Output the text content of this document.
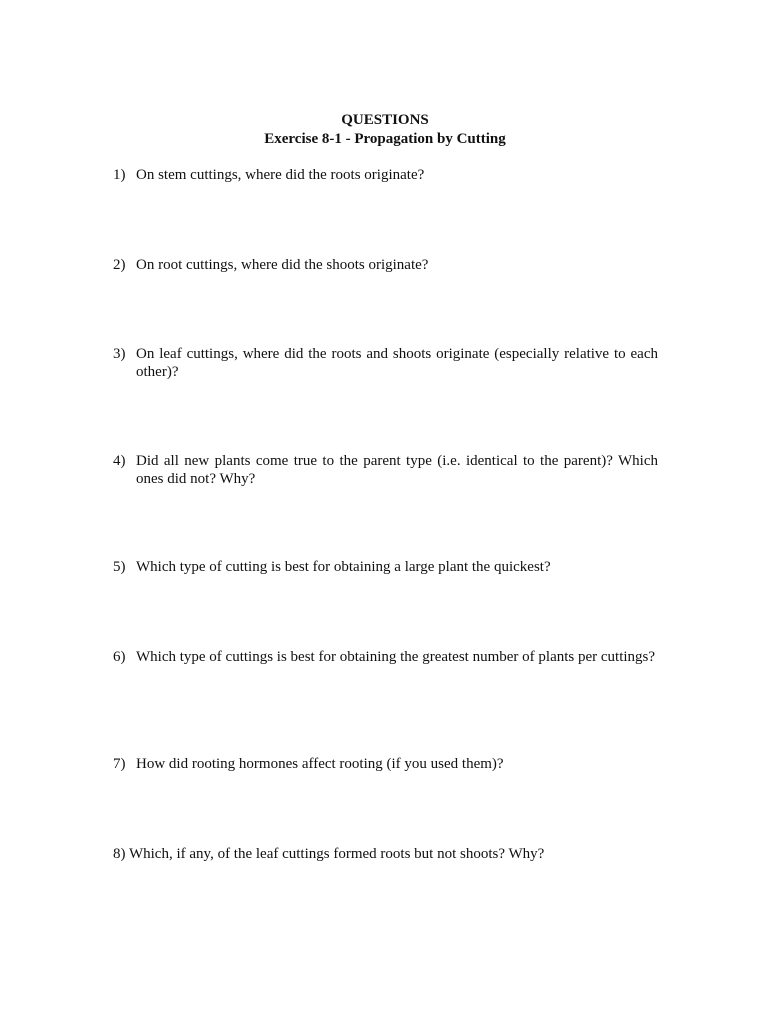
QUESTIONS
Exercise 8-1 - Propagation by Cutting
1) On stem cuttings, where did the roots originate?
2) On root cuttings, where did the shoots originate?
3) On leaf cuttings, where did the roots and shoots originate (especially relative to each other)?
4) Did all new plants come true to the parent type (i.e. identical to the parent)? Which ones did not? Why?
5) Which type of cutting is best for obtaining a large plant the quickest?
6) Which type of cuttings is best for obtaining the greatest number of plants per cuttings?
7) How did rooting hormones affect rooting (if you used them)?
8) Which, if any, of the leaf cuttings formed roots but not shoots? Why?
